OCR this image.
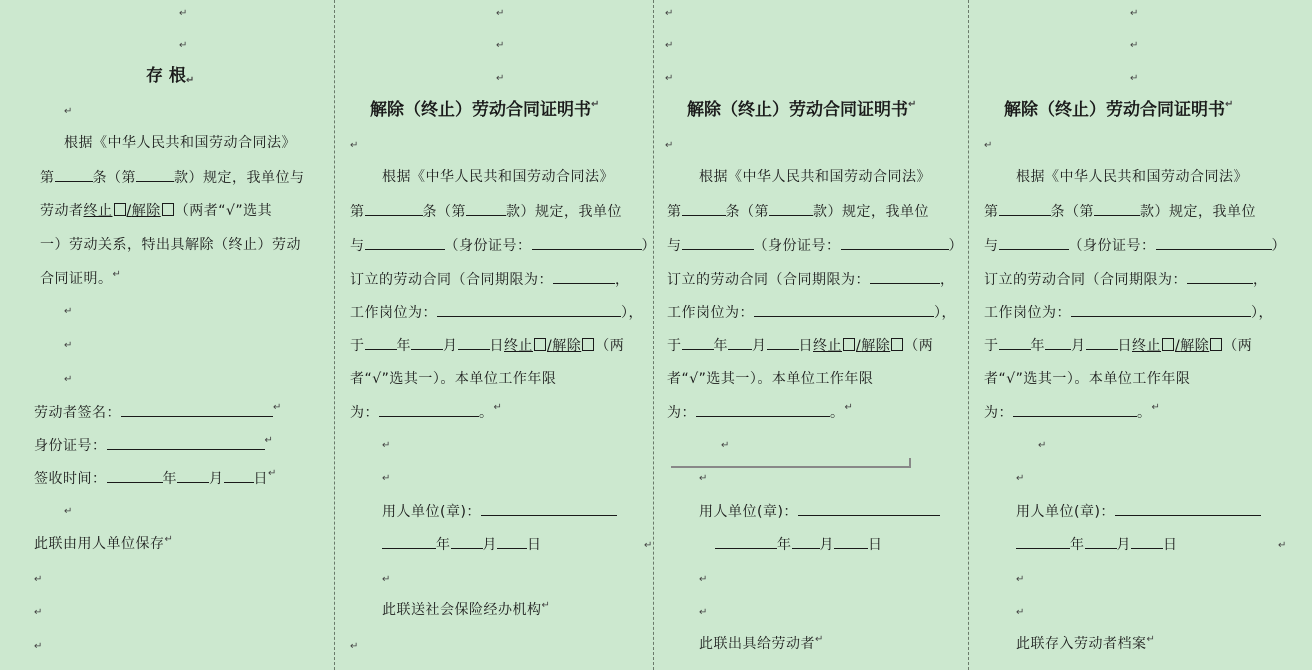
↵
↵
存 根↵
↵
根据《中华人民共和国劳动合同法》
第	条（第	款）规定，我单位与
劳动者终止 /解除 （两者“√”选其
一）劳动关系，特出具解除（终止）劳动
合同证明。 ↵
↵
↵
↵
劳动者签名：	↵
身份证号：	↵
签收时间：	年 月 日 ↵
↵
此联由用人单位保存 ↵
↵
↵
↵
↵
↵
↵
解除（终止）劳动合同证明书 ↵
↵
根据《中华人民共和国劳动合同法》
第	条（第	款）规定，我单位
与	（身份证号：	）
订立的劳动合同（合同期限为：	，
工作岗位为：	），
于 年 月 日终止 /解除 （两
者“√”选其一）。本单位工作年限
为：	。 ↵
↵
↵
用人单位(章)：
年 月 日
↵
此联送社会保险经办机构 ↵
↵
↵
↵
↵
↵
解除（终止）劳动合同证明书 ↵
↵
根据《中华人民共和国劳动合同法》
第	条（第	款）规定，我单位
与	（身份证号：	）
订立的劳动合同（合同期限为：	，
工作岗位为：	），
于 年 月 日终止 /解除 （两
者“√”选其一）。本单位工作年限
为：	。 ↵
↵
↵
用人单位(章)：
年 月 日
↵
↵
此联出具给劳动者 ↵
↵
↵
↵
解除（终止）劳动合同证明书 ↵
↵
根据《中华人民共和国劳动合同法》
第	条（第	款）规定，我单位
与	（身份证号：	）
订立的劳动合同（合同期限为：	，
工作岗位为：	），
于 年 月 日终止 /解除 （两
者“√”选其一）。本单位工作年限
为：	。 ↵
↵
↵
用人单位(章)：
年 月 日
↵
↵
此联存入劳动者档案 ↵
↵
